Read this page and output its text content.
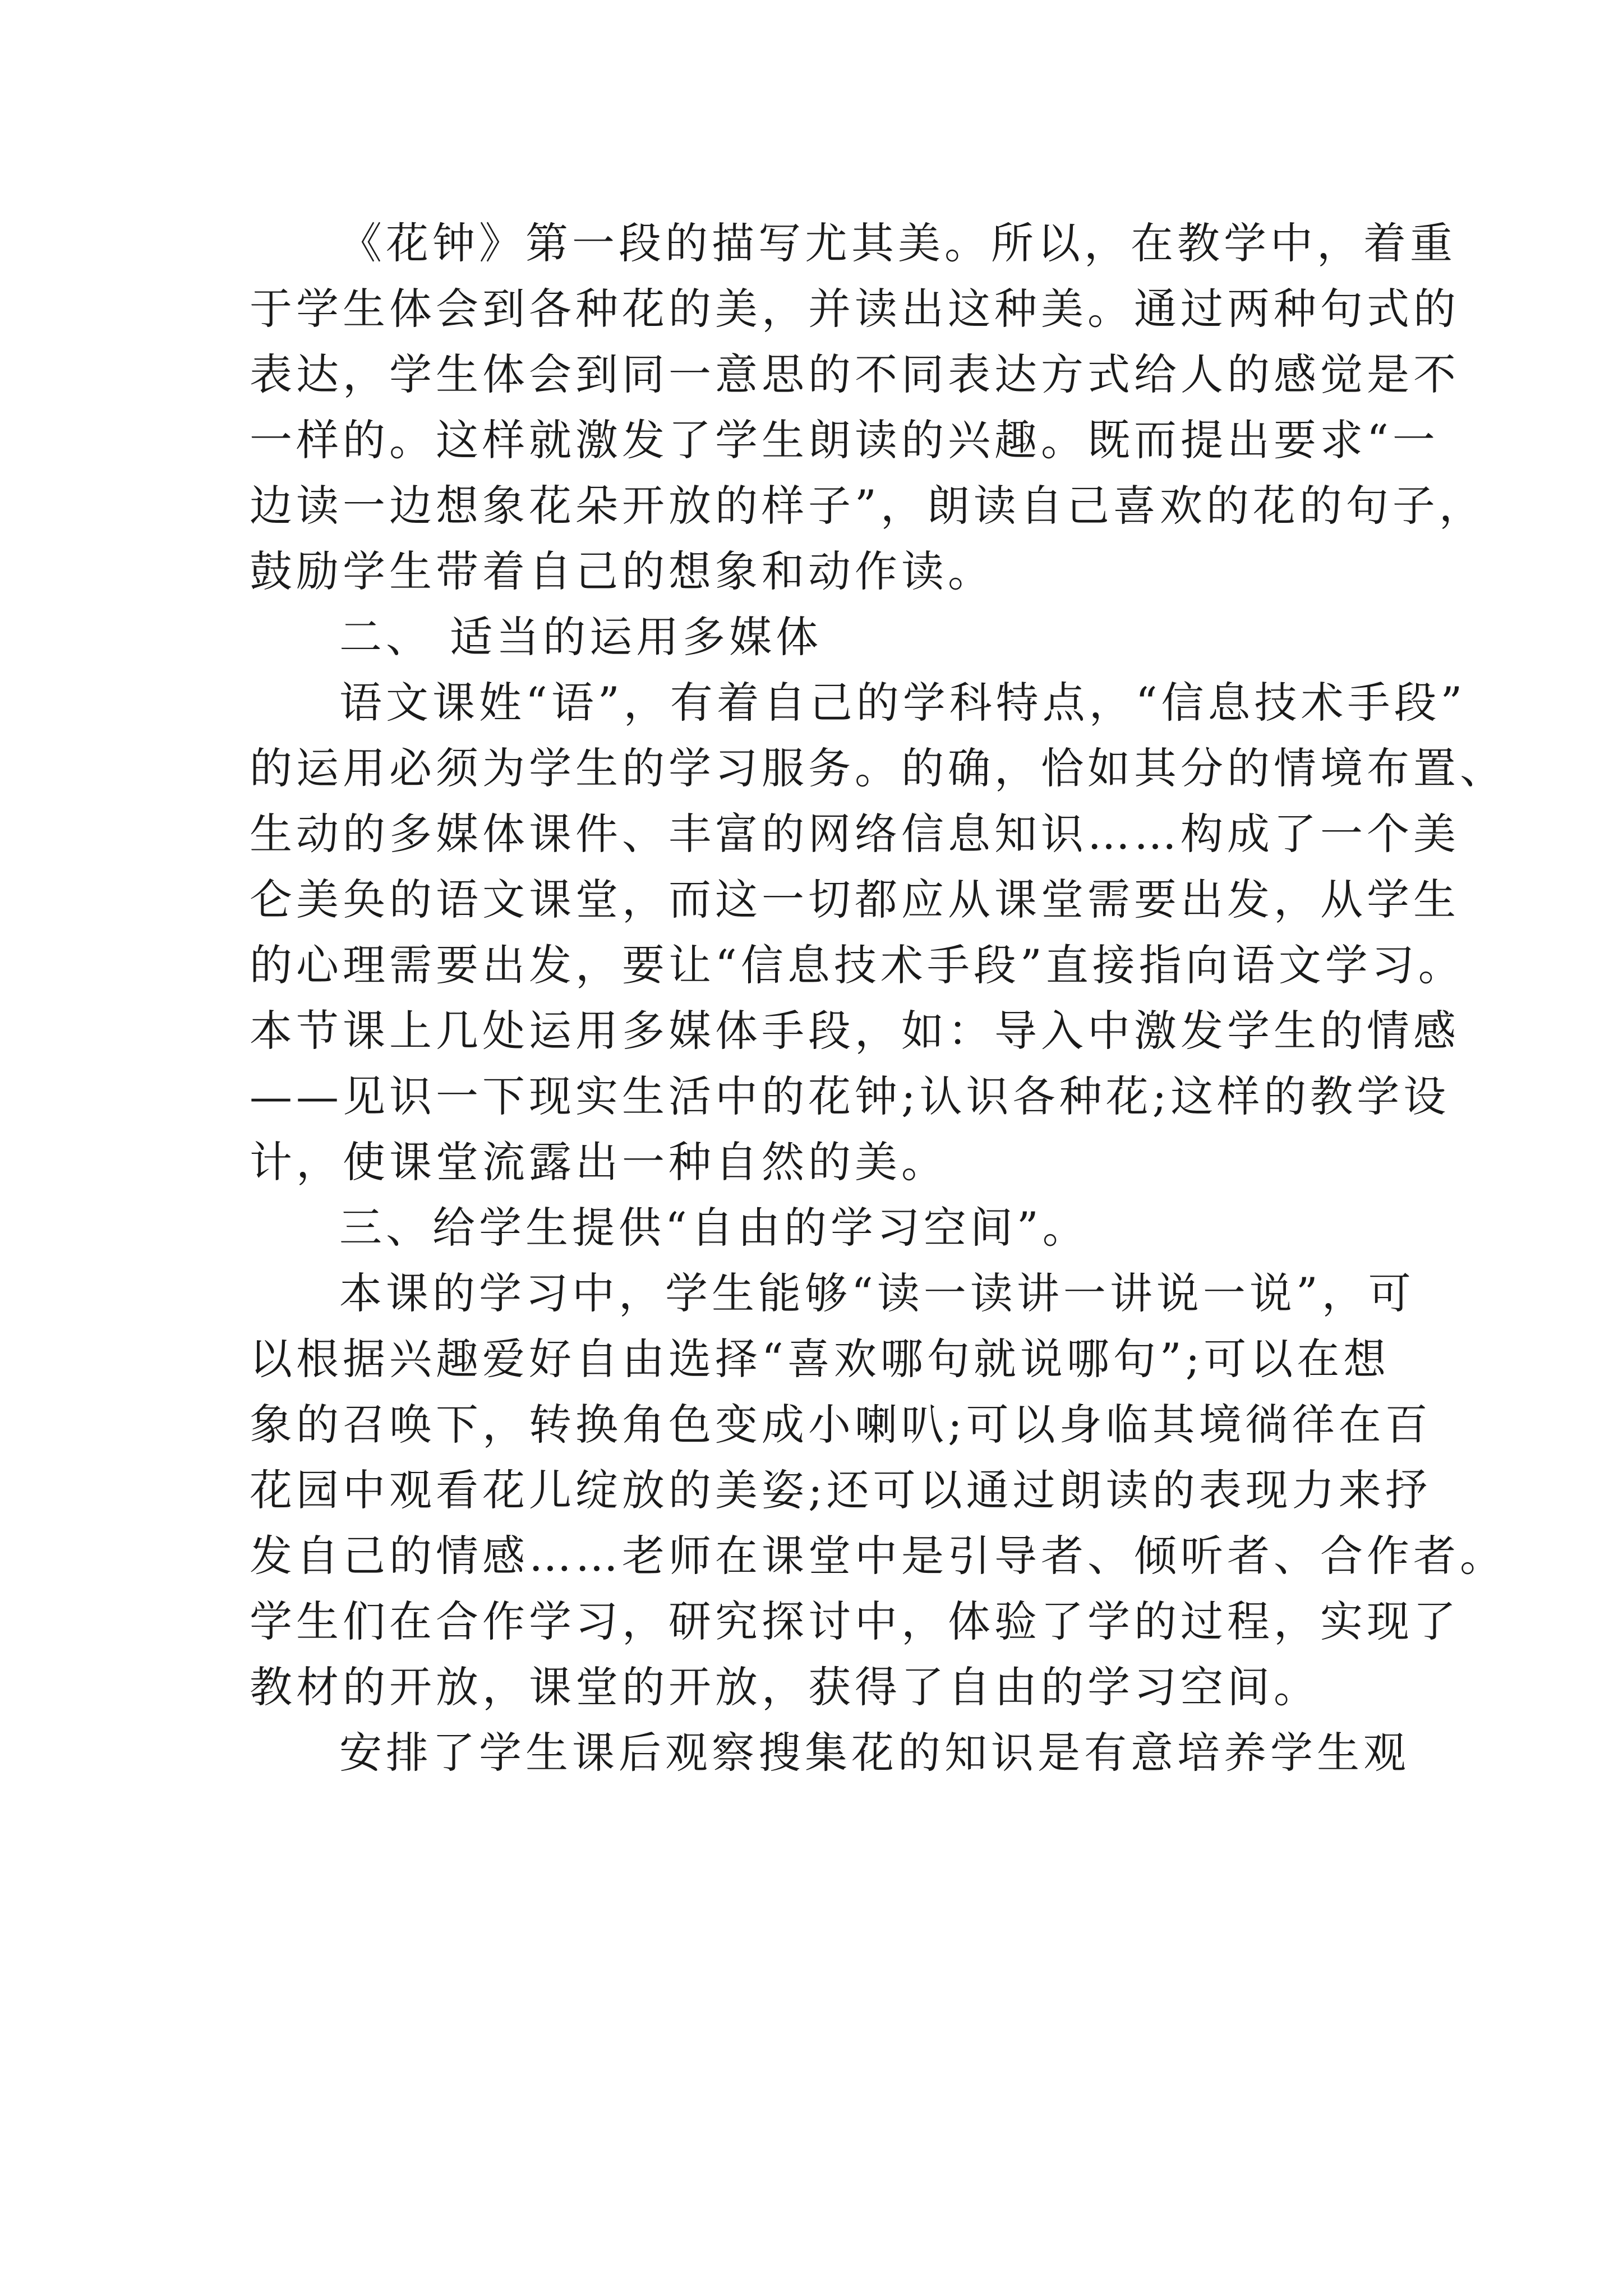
《花钟》第一段的描写尤其美。所以，在教学中，着重
于学生体会到各种花的美，并读出这种美。通过两种句式的
表达，学生体会到同一意思的不同表达方式给人的感觉是不
一样的。这样就激发了学生朗读的兴趣。既而提出要求“一
边读一边想象花朵开放的样子”，朗读自己喜欢的花的句子，
鼓励学生带着自己的想象和动作读。
二、 适当的运用多媒体
语文课姓“语”，有着自己的学科特点，“信息技术手段”
的运用必须为学生的学习服务。的确，恰如其分的情境布置、
生动的多媒体课件、丰富的网络信息知识……构成了一个美
仑美奂的语文课堂，而这一切都应从课堂需要出发，从学生
的心理需要出发，要让“信息技术手段”直接指向语文学习。
本节课上几处运用多媒体手段，如：导入中激发学生的情感
——见识一下现实生活中的花钟;认识各种花;这样的教学设
计，使课堂流露出一种自然的美。
三、给学生提供“自由的学习空间”。
本课的学习中，学生能够“读一读讲一讲说一说”，可
以根据兴趣爱好自由选择“喜欢哪句就说哪句”;可以在想
象的召唤下，转换角色变成小喇叭;可以身临其境徜徉在百
花园中观看花儿绽放的美姿;还可以通过朗读的表现力来抒
发自己的情感……老师在课堂中是引导者、倾听者、合作者。
学生们在合作学习，研究探讨中，体验了学的过程，实现了
教材的开放，课堂的开放，获得了自由的学习空间。
安排了学生课后观察搜集花的知识是有意培养学生观
